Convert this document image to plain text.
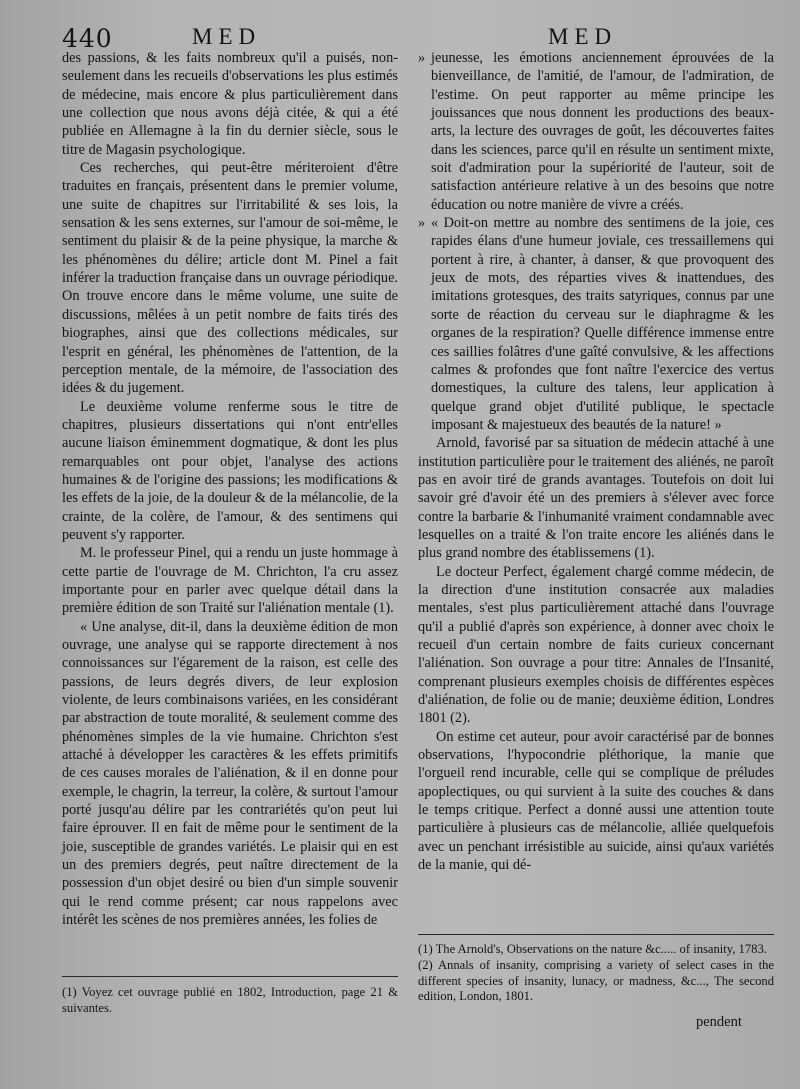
440	MED	MED

des passions, & les faits nombreux qu'il a puisés, non-seulement dans les recueils d'observations les plus estimés de médecine, mais encore & plus particulièrement dans une collection que nous avons déjà citée, & qui a été publiée en Allemagne à la fin du dernier siècle, sous le titre de Magasin psychologique.

Ces recherches, qui peut-être mériteroient d'être traduites en français, présentent dans le premier volume, une suite de chapitres sur l'irritabilité & ses lois, la sensation & les sens externes, sur l'amour de soi-même, le sentiment du plaisir & de la peine physique, la marche & les phénomènes du délire; article dont M. Pinel a fait inférer la traduction française dans un ouvrage périodique. On trouve encore dans le même volume, une suite de discussions, mêlées à un petit nombre de faits tirés des biographes, ainsi que des collections médicales, sur l'esprit en général, les phénomènes de l'attention, de la perception mentale, de la mémoire, de l'association des idées & du jugement.

Le deuxième volume renferme sous le titre de chapitres, plusieurs dissertations qui n'ont entr'elles aucune liaison éminemment dogmatique, & dont les plus remarquables ont pour objet, l'analyse des actions humaines & de l'origine des passions; les modifications & les effets de la joie, de la douleur & de la mélancolie, de la crainte, de la colère, de l'amour, & des sentimens qui peuvent s'y rapporter.

M. le professeur Pinel, qui a rendu un juste hommage à cette partie de l'ouvrage de M. Chrichton, l'a cru assez importante pour en parler avec quelque détail dans la première édition de son Traité sur l'aliénation mentale (1).

« Une analyse, dit-il, dans la deuxième édition de mon ouvrage, une analyse qui se rapporte directement à nos connoissances sur l'égarement de la raison, est celle des passions, de leurs degrés divers, de leur explosion violente, de leurs combinaisons variées, en les considérant par abstraction de toute moralité, & seulement comme des phénomènes simples de la vie humaine. Chrichton s'est attaché à développer les caractères & les effets primitifs de ces causes morales de l'aliénation, & il en donne pour exemple, le chagrin, la terreur, la colère, & surtout l'amour porté jusqu'au délire par les contrariétés qu'on peut lui faire éprouver. Il en fait de même pour le sentiment de la joie, susceptible de grandes variétés. Le plaisir qui en est un des premiers degrés, peut naître directement de la possession d'un objet desiré ou bien d'un simple souvenir qui le rend comme présent; car nous rappelons avec intérêt les scènes de nos premières années, les folies de

» jeunesse, les émotions anciennement éprouvées de la bienveillance, de l'amitié, de l'amour, de l'admiration, de l'estime. On peut rapporter au même principe les jouissances que nous donnent les productions des beaux-arts, la lecture des ouvrages de goût, les découvertes faites dans les sciences, parce qu'il en résulte un sentiment mixte, soit d'admiration pour la supériorité de l'auteur, soit de satisfaction antérieure relative à un des besoins que notre éducation ou notre manière de vivre a créés.

» « Doit-on mettre au nombre des sentimens de la joie, ces rapides élans d'une humeur joviale, ces tressaillemens qui portent à rire, à chanter, à danser, & que provoquent des jeux de mots, des réparties vives & inattendues, des imitations grotesques, des traits satyriques, connus par une sorte de réaction du cerveau sur le diaphragme & les organes de la respiration? Quelle différence immense entre ces saillies folâtres d'une gaîté convulsive, & les affections calmes & profondes que font naître l'exercice des vertus domestiques, la culture des talens, leur application à quelque grand objet d'utilité publique, le spectacle imposant & majestueux des beautés de la nature! »

Arnold, favorisé par sa situation de médecin attaché à une institution particulière pour le traitement des aliénés, ne paroît pas en avoir tiré de grands avantages. Toutefois on doit lui savoir gré d'avoir été un des premiers à s'élever avec force contre la barbarie & l'inhumanité vraiment condamnable avec lesquelles on a traité & l'on traite encore les aliénés dans le plus grand nombre des établissemens (1).

Le docteur Perfect, également chargé comme médecin, de la direction d'une institution consacrée aux maladies mentales, s'est plus particulièrement attaché dans l'ouvrage qu'il a publié d'après son expérience, à donner avec choix le recueil d'un certain nombre de faits curieux concernant l'aliénation. Son ouvrage a pour titre: Annales de l'Insanité, comprenant plusieurs exemples choisis de différentes espèces d'aliénation, de folie ou de manie; deuxième édition, Londres 1801 (2).

On estime cet auteur, pour avoir caractérisé par de bonnes observations, l'hypocondrie pléthorique, la manie que l'orgueil rend incurable, celle qui se complique de préludes apoplectiques, ou qui survient à la suite des couches & dans le temps critique. Perfect a donné aussi une attention toute particulière à plusieurs cas de mélancolie, alliée quelquefois avec un penchant irrésistible au suicide, ainsi qu'aux variétés de la manie, qui dé-

(1) Voyez cet ouvrage publié en 1802, Introduction, page 21 & suivantes.

(1) The Arnold's, Observations on the nature &c..... of insanity, 1783.

(2) Annals of insanity, comprising a variety of select cases in the different species of insanity, lunacy, or madness, &c..., The second edition, London, 1801.

pendent
